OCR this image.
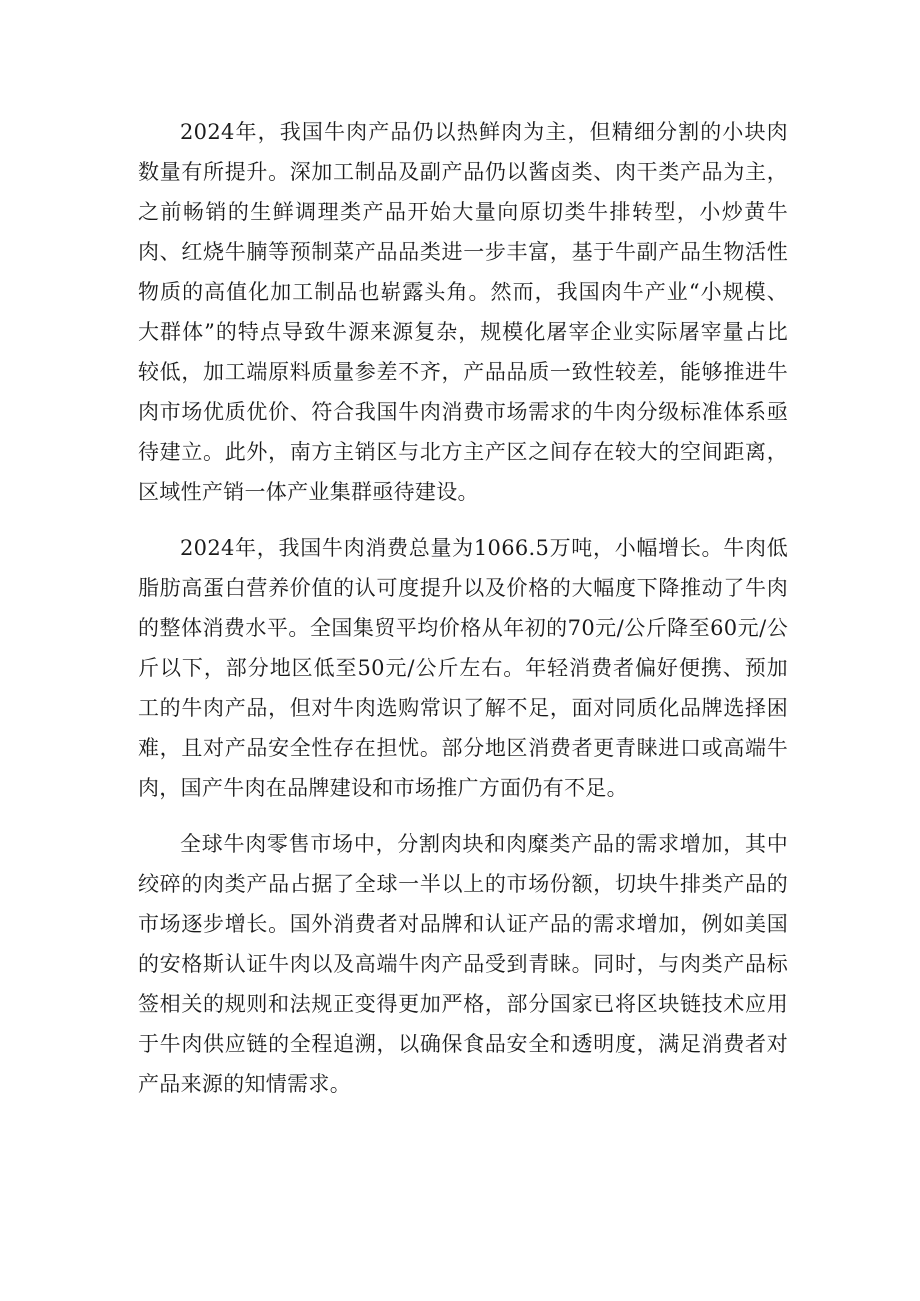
2024年，我国牛肉产品仍以热鲜肉为主，但精细分割的小块肉数量有所提升。深加工制品及副产品仍以酱卤类、肉干类产品为主，之前畅销的生鲜调理类产品开始大量向原切类牛排转型，小炒黄牛肉、红烧牛腩等预制菜产品品类进一步丰富，基于牛副产品生物活性物质的高值化加工制品也崭露头角。然而，我国肉牛产业“小规模、大群体”的特点导致牛源来源复杂，规模化屠宰企业实际屠宰量占比较低，加工端原料质量参差不齐，产品品质一致性较差，能够推进牛肉市场优质优价、符合我国牛肉消费市场需求的牛肉分级标准体系亟待建立。此外，南方主销区与北方主产区之间存在较大的空间距离，区域性产销一体产业集群亟待建设。

2024年，我国牛肉消费总量为1066.5万吨，小幅增长。牛肉低脂肪高蛋白营养价值的认可度提升以及价格的大幅度下降推动了牛肉的整体消费水平。全国集贸平均价格从年初的70元/公斤降至60元/公斤以下，部分地区低至50元/公斤左右。年轻消费者偏好便携、预加工的牛肉产品，但对牛肉选购常识了解不足，面对同质化品牌选择困难，且对产品安全性存在担忧。部分地区消费者更青睐进口或高端牛肉，国产牛肉在品牌建设和市场推广方面仍有不足。

全球牛肉零售市场中，分割肉块和肉糜类产品的需求增加，其中绞碎的肉类产品占据了全球一半以上的市场份额，切块牛排类产品的市场逐步增长。国外消费者对品牌和认证产品的需求增加，例如美国的安格斯认证牛肉以及高端牛肉产品受到青睐。同时，与肉类产品标签相关的规则和法规正变得更加严格，部分国家已将区块链技术应用于牛肉供应链的全程追溯，以确保食品安全和透明度，满足消费者对产品来源的知情需求。
